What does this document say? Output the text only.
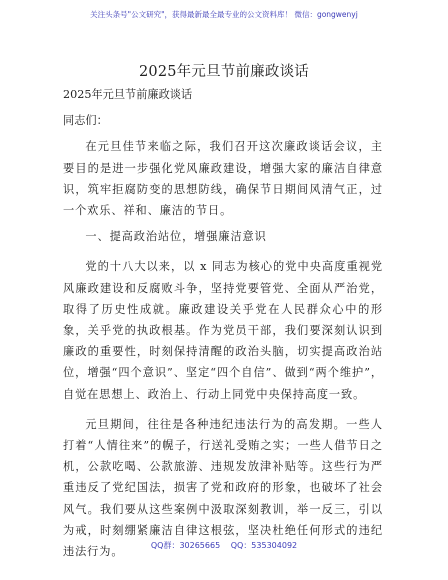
关注头条号"公文研究"，获得最新最全最专业的公文资料库！ 微信：gongwenyj
2025年元旦节前廉政谈话

2025年元旦节前廉政谈话

同志们：

在元旦佳节来临之际，我们召开这次廉政谈话会议，主要目的是进一步强化党风廉政建设，增强大家的廉洁自律意识，筑牢拒腐防变的思想防线，确保节日期间风清气正，过一个欢乐、祥和、廉洁的节日。

一、提高政治站位，增强廉洁意识

党的十八大以来，以 x 同志为核心的党中央高度重视党风廉政建设和反腐败斗争，坚持党要管党、全面从严治党，取得了历史性成就。廉政建设关乎党在人民群众心中的形象，关乎党的执政根基。作为党员干部，我们要深刻认识到廉政的重要性，时刻保持清醒的政治头脑，切实提高政治站位，增强“四个意识”、坚定“四个自信”、做到“两个维护”，自觉在思想上、政治上、行动上同党中央保持高度一致。

元旦期间，往往是各种违纪违法行为的高发期。一些人打着“人情往来”的幌子，行送礼受贿之实；一些人借节日之机，公款吃喝、公款旅游、违规发放津补贴等。这些行为严重违反了党纪国法，损害了党和政府的形象，也破坏了社会风气。我们要从这些案例中汲取深刻教训，举一反三，引以为戒，时刻绷紧廉洁自律这根弦，坚决杜绝任何形式的违纪违法行为。	QQ群：30265665 QQ：535304092
